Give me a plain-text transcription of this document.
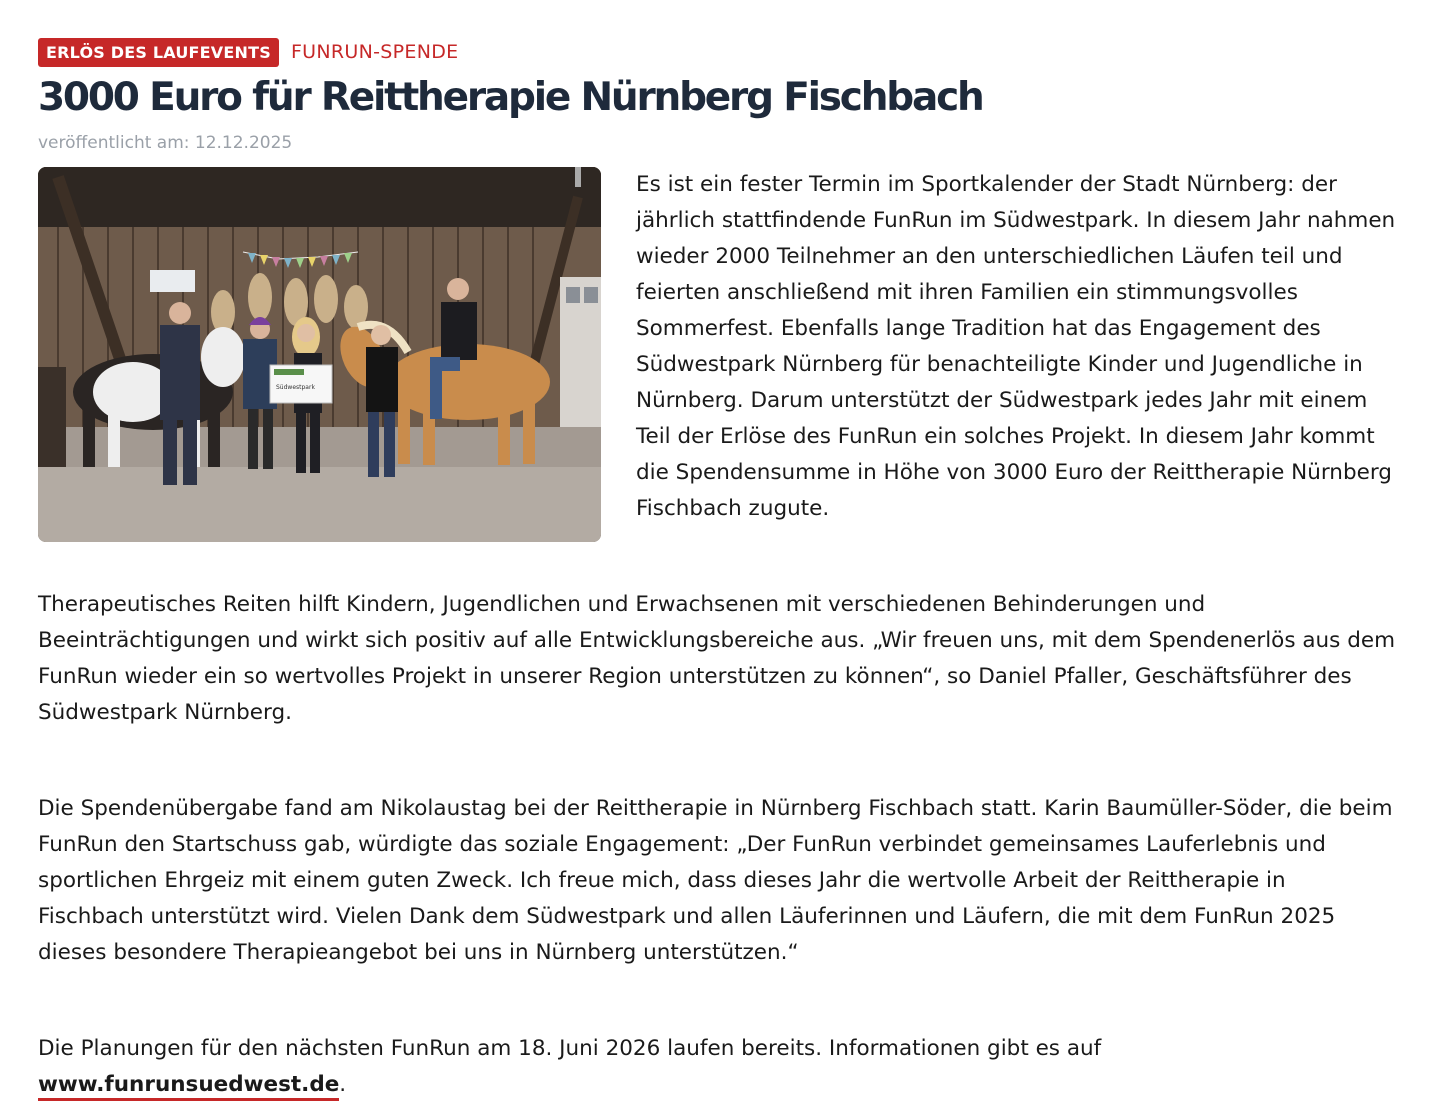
ERLÖS DES LAUFEVENTS	FUNRUN-SPENDE
3000 Euro für Reittherapie Nürnberg Fischbach
veröffentlicht am: 12.12.2025
Südwestpark

Es ist ein fester Termin im Sportkalender der Stadt Nürnberg: der jährlich stattfindende FunRun im Südwestpark. In diesem Jahr nahmen wieder 2000 Teilnehmer an den unterschiedlichen Läufen teil und feierten anschließend mit ihren Familien ein stimmungsvolles Sommerfest. Ebenfalls lange Tradition hat das Engagement des Südwestpark Nürnberg für benachteiligte Kinder und Jugendliche in Nürnberg. Darum unterstützt der Südwestpark jedes Jahr mit einem Teil der Erlöse des FunRun ein solches Projekt. In diesem Jahr kommt die Spendensumme in Höhe von 3000 Euro der Reittherapie Nürnberg Fischbach zugute.

Therapeutisches Reiten hilft Kindern, Jugendlichen und Erwachsenen mit verschiedenen Behinderungen und Beeinträchtigungen und wirkt sich positiv auf alle Entwicklungsbereiche aus. „Wir freuen uns, mit dem Spendenerlös aus dem FunRun wieder ein so wertvolles Projekt in unserer Region unterstützen zu können“, so Daniel Pfaller, Geschäftsführer des Südwestpark Nürnberg.

Die Spendenübergabe fand am Nikolaustag bei der Reittherapie in Nürnberg Fischbach statt. Karin Baumüller-Söder, die beim FunRun den Startschuss gab, würdigte das soziale Engagement: „Der FunRun verbindet gemeinsames Lauferlebnis und sportlichen Ehrgeiz mit einem guten Zweck. Ich freue mich, dass dieses Jahr die wertvolle Arbeit der Reittherapie in Fischbach unterstützt wird. Vielen Dank dem Südwestpark und allen Läuferinnen und Läufern, die mit dem FunRun 2025 dieses besondere Therapieangebot bei uns in Nürnberg unterstützen.“

Die Planungen für den nächsten FunRun am 18. Juni 2026 laufen bereits. Informationen gibt es auf
www.funrunsuedwest.de.
